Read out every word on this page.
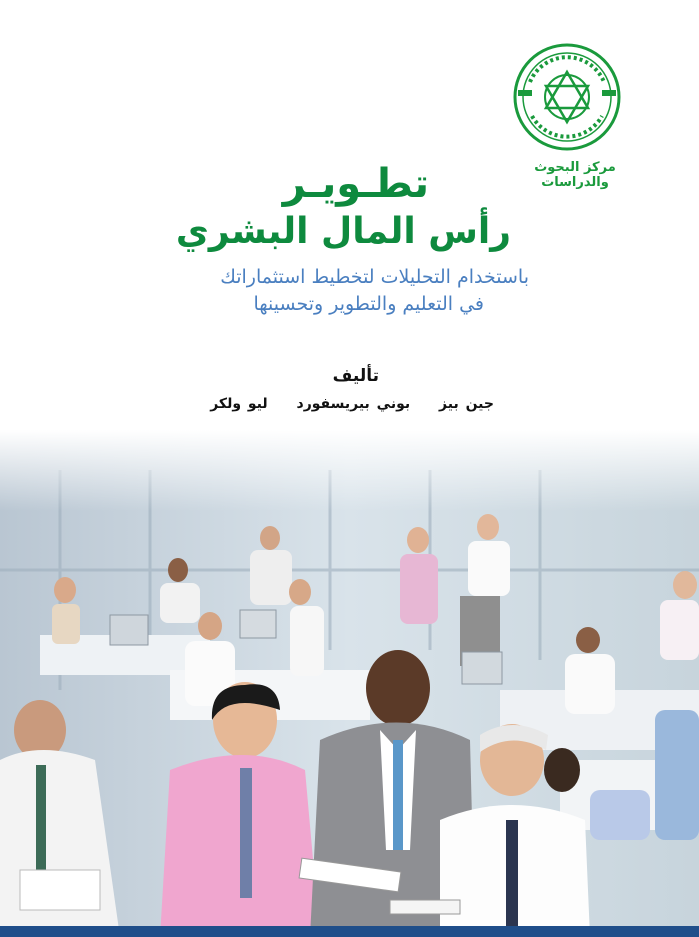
مركز البحوث والدراسات
تطـويـر
رأس المال البشري
باستخدام التحليلات لتخطيط استثماراتك
في التعليم والتطوير وتحسينها
تأليف
جين بيز بوني بيريسفورد ليو ولكر
